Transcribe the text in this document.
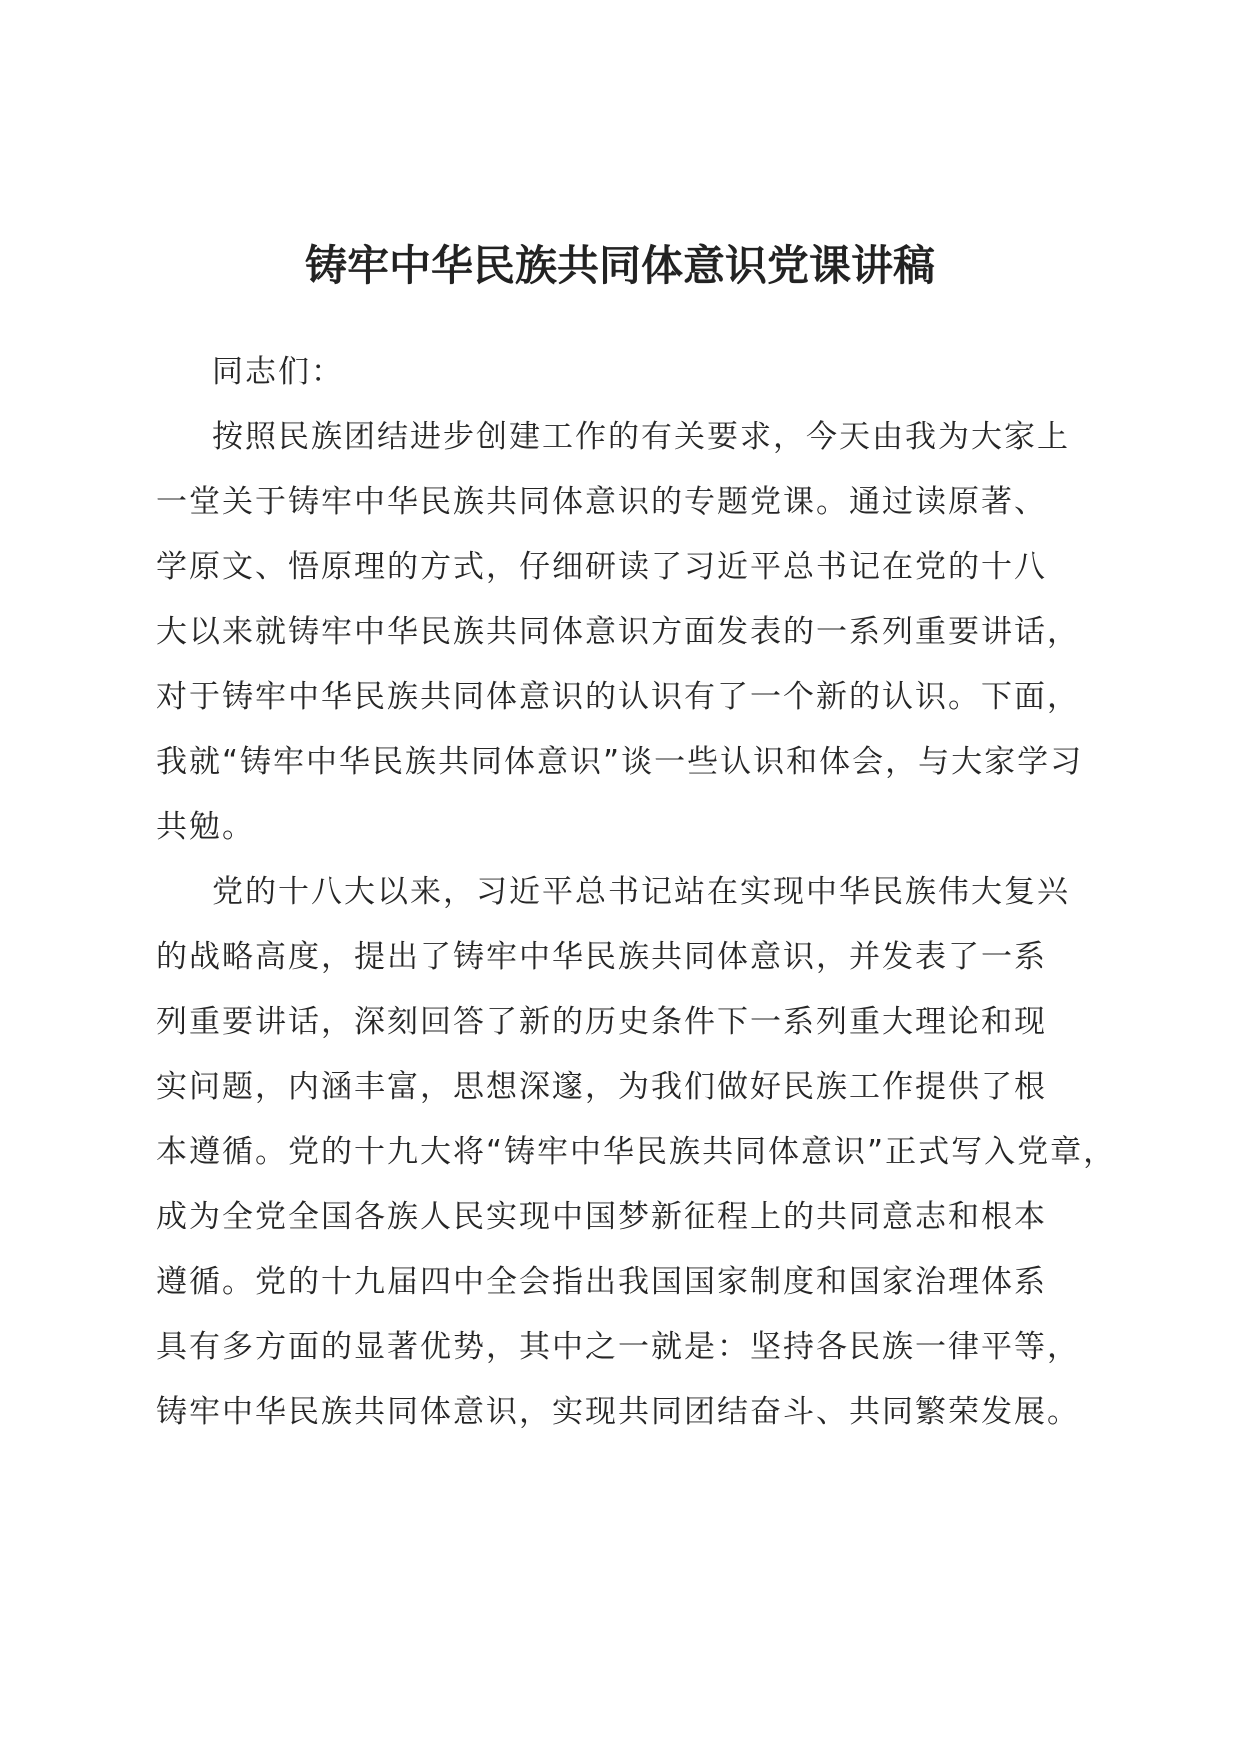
铸牢中华民族共同体意识党课讲稿
同志们：
按照民族团结进步创建工作的有关要求，今天由我为大家上
一堂关于铸牢中华民族共同体意识的专题党课。通过读原著、
学原文、悟原理的方式，仔细研读了习近平总书记在党的十八
大以来就铸牢中华民族共同体意识方面发表的一系列重要讲话，
对于铸牢中华民族共同体意识的认识有了一个新的认识。下面，
我就“铸牢中华民族共同体意识”谈一些认识和体会，与大家学习
共勉。
党的十八大以来，习近平总书记站在实现中华民族伟大复兴
的战略高度，提出了铸牢中华民族共同体意识，并发表了一系
列重要讲话，深刻回答了新的历史条件下一系列重大理论和现
实问题，内涵丰富，思想深邃，为我们做好民族工作提供了根
本遵循。党的十九大将“铸牢中华民族共同体意识”正式写入党章，
成为全党全国各族人民实现中国梦新征程上的共同意志和根本
遵循。党的十九届四中全会指出我国国家制度和国家治理体系
具有多方面的显著优势，其中之一就是：坚持各民族一律平等，
铸牢中华民族共同体意识，实现共同团结奋斗、共同繁荣发展。
